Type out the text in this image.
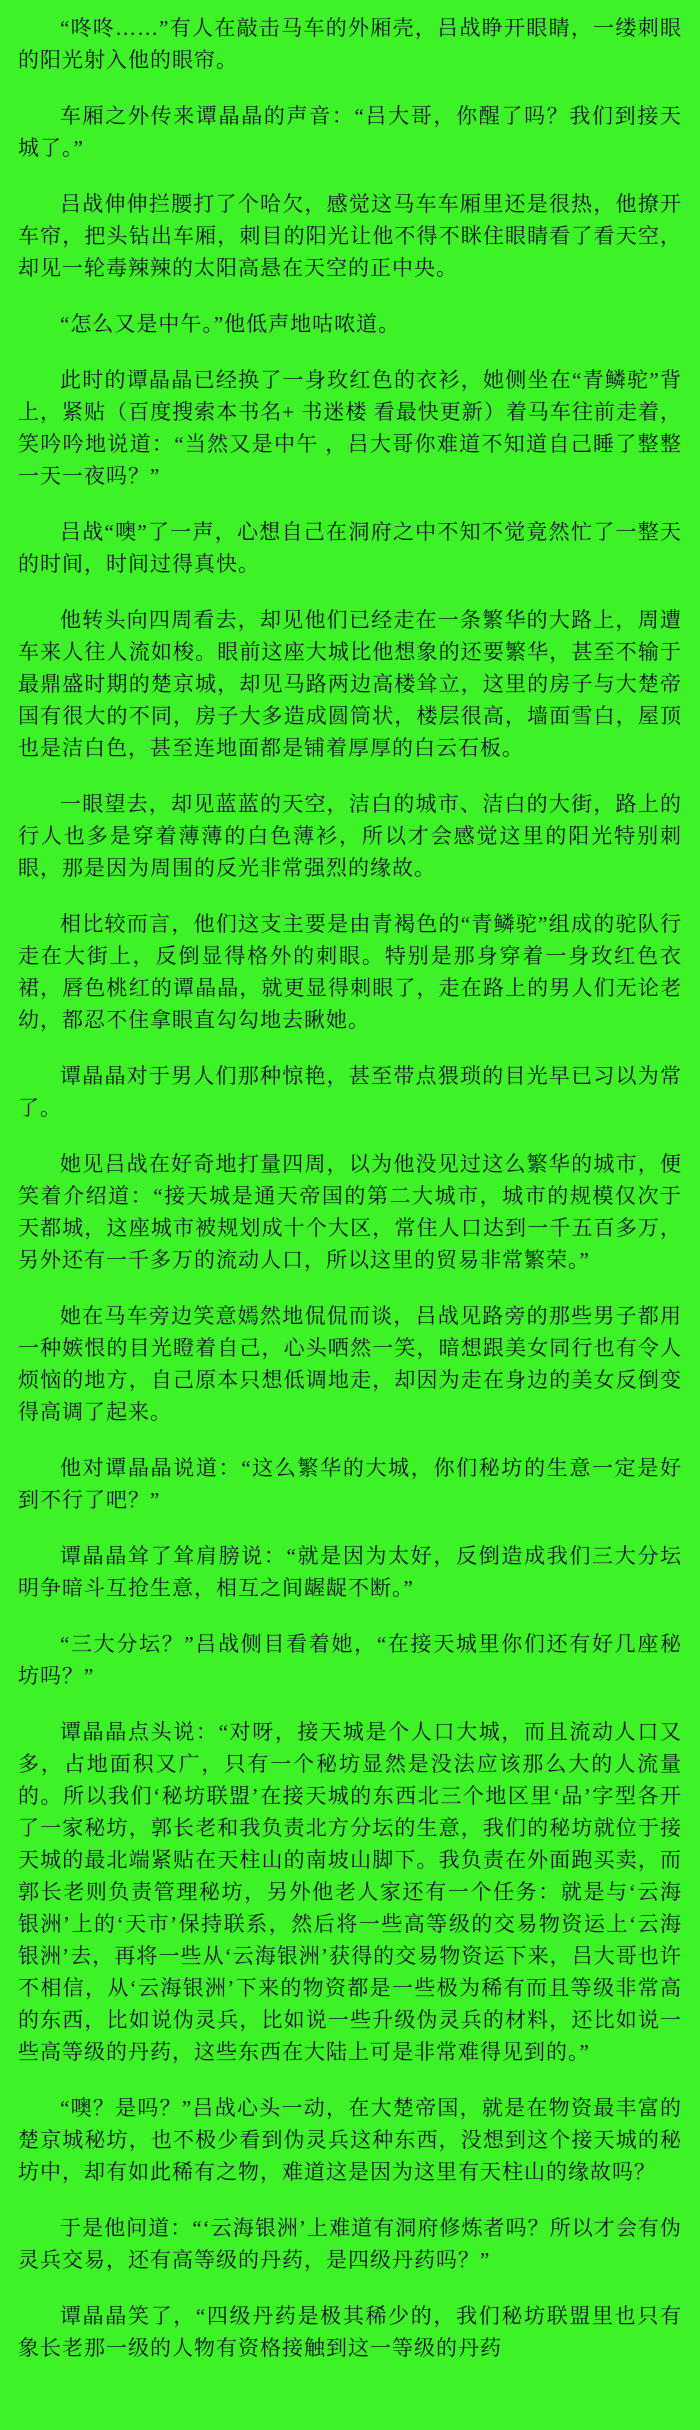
“咚咚……”有人在敲击马车的外厢壳，吕战睁开眼睛，一缕刺眼的阳光射入他的眼帘。

车厢之外传来谭晶晶的声音：“吕大哥，你醒了吗？我们到接天城了。”

吕战伸伸拦腰打了个哈欠，感觉这马车车厢里还是很热，他撩开车帘，把头钻出车厢，刺目的阳光让他不得不眯住眼睛看了看天空，却见一轮毒辣辣的太阳高悬在天空的正中央。

“怎么又是中午。”他低声地咕哝道。

此时的谭晶晶已经换了一身玫红色的衣衫，她侧坐在“青鳞驼”背上，紧贴（百度搜索本书名+ 书迷楼 看最快更新）着马车往前走着，笑吟吟地说道：“当然又是中午 ，吕大哥你难道不知道自己睡了整整一天一夜吗？”

吕战“噢”了一声，心想自己在洞府之中不知不觉竟然忙了一整天的时间，时间过得真快。

他转头向四周看去，却见他们已经走在一条繁华的大路上，周遭车来人往人流如梭。眼前这座大城比他想象的还要繁华，甚至不输于最鼎盛时期的楚京城，却见马路两边高楼耸立，这里的房子与大楚帝国有很大的不同，房子大多造成圆筒状，楼层很高，墙面雪白，屋顶也是洁白色，甚至连地面都是铺着厚厚的白云石板。

一眼望去，却见蓝蓝的天空，洁白的城市、洁白的大街，路上的行人也多是穿着薄薄的白色薄衫，所以才会感觉这里的阳光特别刺眼，那是因为周围的反光非常强烈的缘故。

相比较而言，他们这支主要是由青褐色的“青鳞驼”组成的驼队行走在大街上，反倒显得格外的刺眼。特别是那身穿着一身玫红色衣裙，唇色桃红的谭晶晶，就更显得刺眼了，走在路上的男人们无论老幼，都忍不住拿眼直勾勾地去瞅她。

谭晶晶对于男人们那种惊艳，甚至带点猥琐的目光早已习以为常了。

她见吕战在好奇地打量四周，以为他没见过这么繁华的城市，便笑着介绍道：“接天城是通天帝国的第二大城市，城市的规模仅次于天都城，这座城市被规划成十个大区，常住人口达到一千五百多万，另外还有一千多万的流动人口，所以这里的贸易非常繁荣。”

她在马车旁边笑意嫣然地侃侃而谈，吕战见路旁的那些男子都用一种嫉恨的目光瞪着自己，心头哂然一笑，暗想跟美女同行也有令人烦恼的地方，自己原本只想低调地走，却因为走在身边的美女反倒变得高调了起来。

他对谭晶晶说道：“这么繁华的大城，你们秘坊的生意一定是好到不行了吧？”

谭晶晶耸了耸肩膀说：“就是因为太好，反倒造成我们三大分坛明争暗斗互抢生意，相互之间龌龊不断。”

“三大分坛？”吕战侧目看着她，“在接天城里你们还有好几座秘坊吗？”

谭晶晶点头说：“对呀，接天城是个人口大城，而且流动人口又多，占地面积又广，只有一个秘坊显然是没法应该那么大的人流量的。所以我们‘秘坊联盟’在接天城的东西北三个地区里‘品’字型各开了一家秘坊，郭长老和我负责北方分坛的生意，我们的秘坊就位于接天城的最北端紧贴在天柱山的南坡山脚下。我负责在外面跑买卖，而郭长老则负责管理秘坊，另外他老人家还有一个任务：就是与‘云海银洲’上的‘天市’保持联系，然后将一些高等级的交易物资运上‘云海银洲’去，再将一些从‘云海银洲’获得的交易物资运下来，吕大哥也许不相信，从‘云海银洲’下来的物资都是一些极为稀有而且等级非常高的东西，比如说伪灵兵，比如说一些升级伪灵兵的材料，还比如说一些高等级的丹药，这些东西在大陆上可是非常难得见到的。”

“噢？是吗？”吕战心头一动，在大楚帝国，就是在物资最丰富的楚京城秘坊，也不极少看到伪灵兵这种东西，没想到这个接天城的秘坊中，却有如此稀有之物，难道这是因为这里有天柱山的缘故吗？

于是他问道：“‘云海银洲’上难道有洞府修炼者吗？所以才会有伪灵兵交易，还有高等级的丹药，是四级丹药吗？”

谭晶晶笑了，“四级丹药是极其稀少的，我们秘坊联盟里也只有象长老那一级的人物有资格接触到这一等级的丹药
